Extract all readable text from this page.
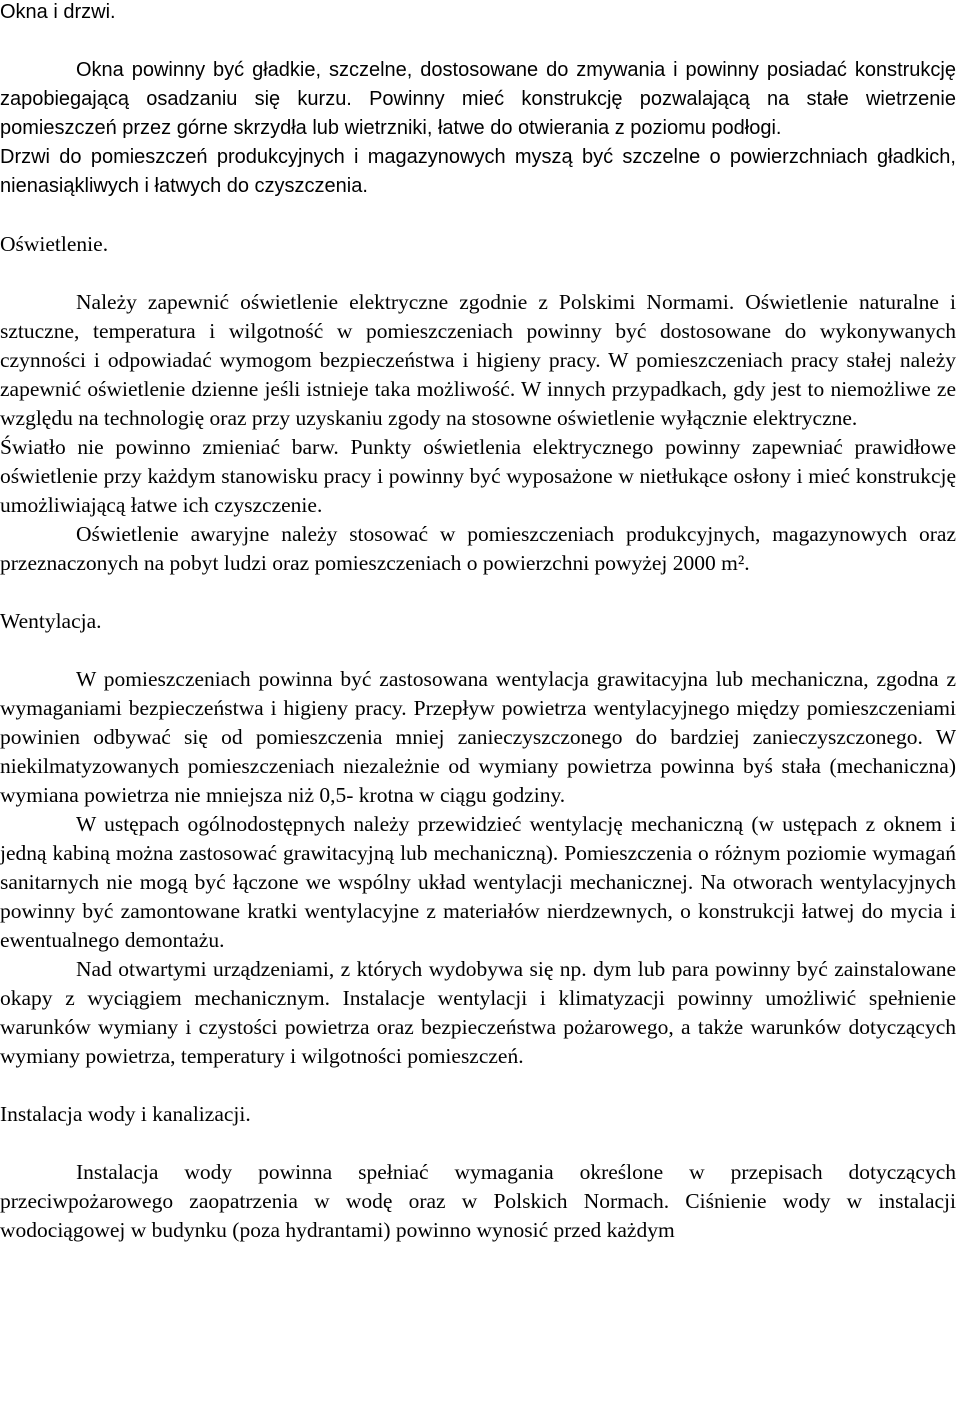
Okna i drzwi.

Okna powinny być gładkie, szczelne, dostosowane do zmywania i powinny posiadać konstrukcję zapobiegającą osadzaniu się kurzu. Powinny mieć konstrukcję pozwalającą na stałe wietrzenie pomieszczeń przez górne skrzydła lub wietrzniki, łatwe do otwierania z poziomu podłogi.

Drzwi do pomieszczeń produkcyjnych i magazynowych myszą być szczelne o powierzchniach gładkich, nienasiąkliwych i łatwych do czyszczenia.

Oświetlenie.

Należy zapewnić oświetlenie elektryczne zgodnie z Polskimi Normami. Oświetlenie naturalne i sztuczne, temperatura i wilgotność w pomieszczeniach powinny być dostosowane do wykonywanych czynności i odpowiadać wymogom bezpieczeństwa i higieny pracy. W pomieszczeniach pracy stałej należy zapewnić oświetlenie dzienne jeśli istnieje taka możliwość. W innych przypadkach, gdy jest to niemożliwe ze względu na technologię oraz przy uzyskaniu zgody na stosowne oświetlenie wyłącznie elektryczne.

Światło nie powinno zmieniać barw. Punkty oświetlenia elektrycznego powinny zapewniać prawidłowe oświetlenie przy każdym stanowisku pracy i powinny być wyposażone w nietłukące osłony i mieć konstrukcję umożliwiającą łatwe ich czyszczenie.

Oświetlenie awaryjne należy stosować w pomieszczeniach produkcyjnych, magazynowych oraz przeznaczonych na pobyt ludzi oraz pomieszczeniach o powierzchni powyżej 2000 m².

Wentylacja.

W pomieszczeniach powinna być zastosowana wentylacja grawitacyjna lub mechaniczna, zgodna z wymaganiami bezpieczeństwa i higieny pracy. Przepływ powietrza wentylacyjnego między pomieszczeniami powinien odbywać się od pomieszczenia mniej zanieczyszczonego do bardziej zanieczyszczonego. W niekilmatyzowanych pomieszczeniach niezależnie od wymiany powietrza powinna byś stała (mechaniczna) wymiana powietrza nie mniejsza niż 0,5- krotna w ciągu godziny.

W ustępach ogólnodostępnych należy przewidzieć wentylację mechaniczną (w ustępach z oknem i jedną kabiną można zastosować grawitacyjną lub mechaniczną). Pomieszczenia o różnym poziomie wymagań sanitarnych nie mogą być łączone we wspólny układ wentylacji mechanicznej. Na otworach wentylacyjnych powinny być zamontowane kratki wentylacyjne z materiałów nierdzewnych, o konstrukcji łatwej do mycia i ewentualnego demontażu.

Nad otwartymi urządzeniami, z których wydobywa się np. dym lub para powinny być zainstalowane okapy z wyciągiem mechanicznym. Instalacje wentylacji i klimatyzacji powinny umożliwić spełnienie warunków wymiany i czystości powietrza oraz bezpieczeństwa pożarowego, a także warunków dotyczących wymiany powietrza, temperatury i wilgotności pomieszczeń.

Instalacja wody i kanalizacji.

Instalacja wody powinna spełniać wymagania określone w przepisach dotyczących przeciwpożarowego zaopatrzenia w wodę oraz w Polskich Normach. Ciśnienie wody w instalacji wodociągowej w budynku (poza hydrantami) powinno wynosić przed każdym
